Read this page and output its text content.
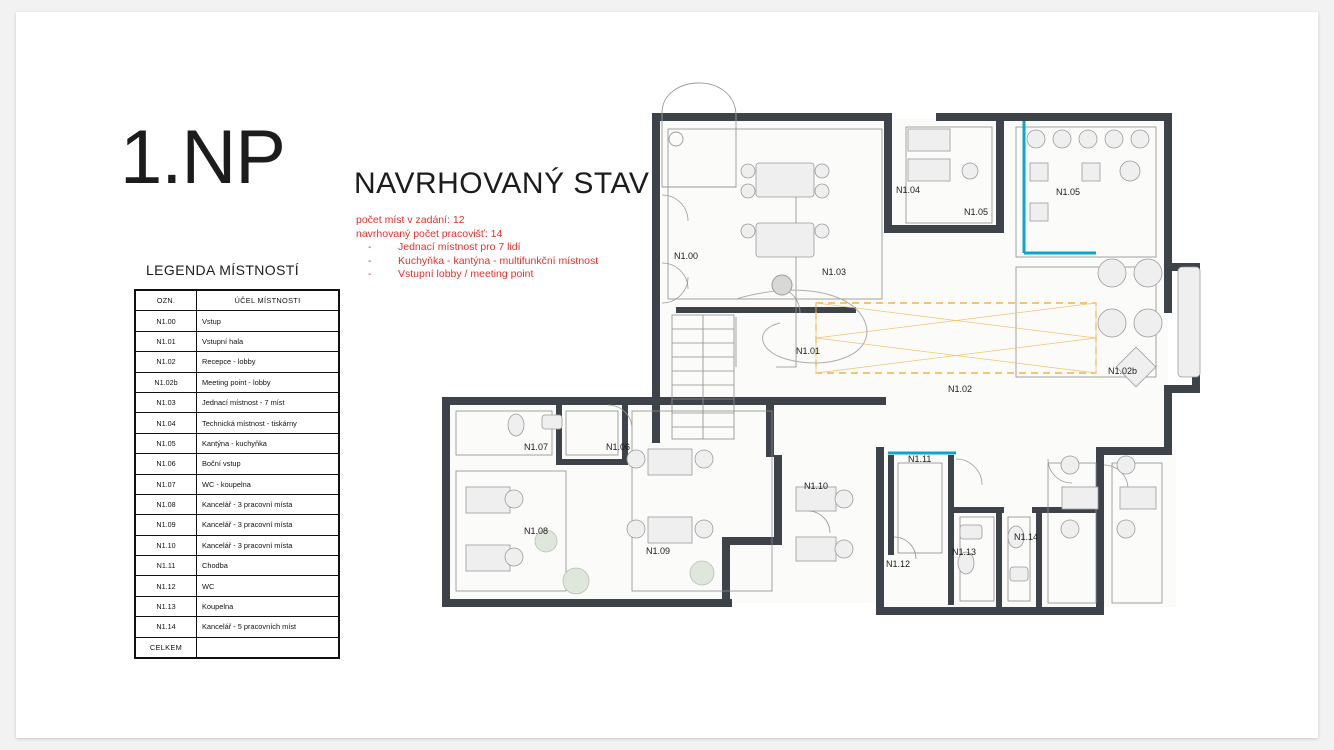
1.NP NAVRHOVANÝ STAV
počet míst v zadání: 12
navrhovaný počet pracovišť: 14
-	Jednací místnost pro 7 lidí
-	Kuchyňka - kantýna - multifunkční místnost
-	Vstupní lobby / meeting point
LEGENDA MÍSTNOSTÍ
OZN.	ÚČEL MÍSTNOSTI
N1.00	Vstup
N1.01	Vstupní hala
N1.02	Recepce - lobby
N1.02b	Meeting point - lobby
N1.03	Jednací místnost - 7 míst
N1.04	Technická místnost - tiskárny
N1.05	Kantýna - kuchyňka
N1.06	Boční vstup
N1.07	WC - koupelna
N1.08	Kancelář - 3 pracovní místa
N1.09	Kancelář - 3 pracovní místa
N1.10	Kancelář - 3 pracovní místa
N1.11	Chodba
N1.12	WC
N1.13	Koupelna
N1.14	Kancelář - 5 pracovních míst
CELKEM	
N1.00
N1.03
N1.04
N1.05
N1.05
N1.01
N1.02
N1.02b
N1.07	N1.06
N1.08
N1.09
N1.10
N1.11
N1.12
N1.13
N1.14
